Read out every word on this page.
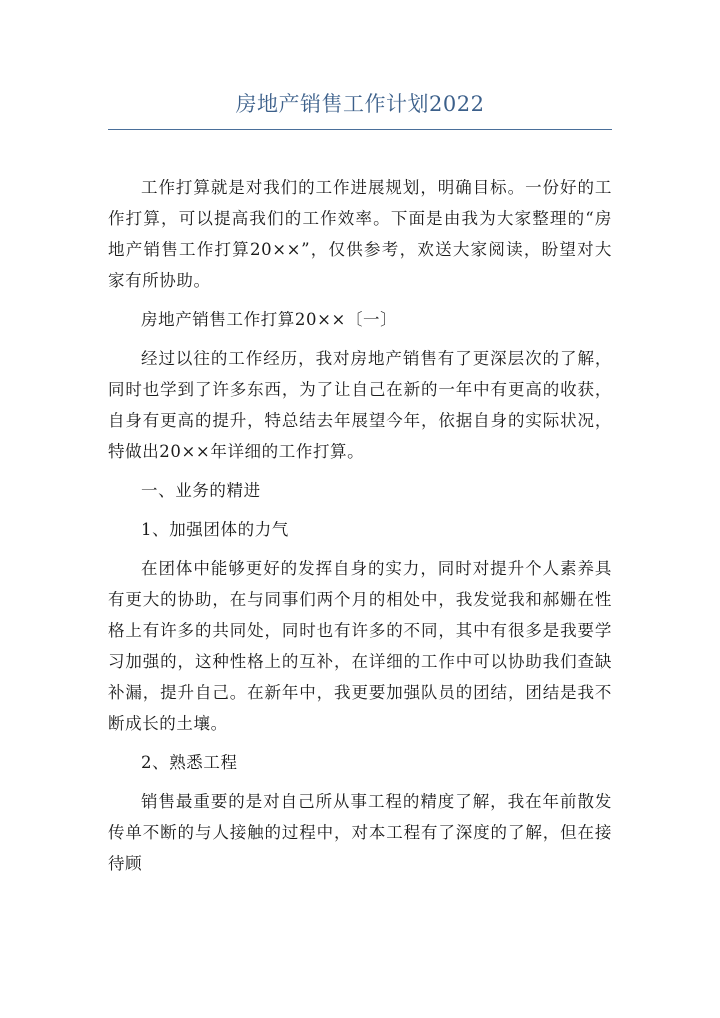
房地产销售工作计划2022

工作打算就是对我们的工作进展规划，明确目标。一份好的工作打算，可以提高我们的工作效率。下面是由我为大家整理的“房地产销售工作打算20××”，仅供参考，欢送大家阅读，盼望对大家有所协助。

房地产销售工作打算20××〔一〕

经过以往的工作经历，我对房地产销售有了更深层次的了解，同时也学到了许多东西，为了让自己在新的一年中有更高的收获，自身有更高的提升，特总结去年展望今年，依据自身的实际状况，特做出20××年详细的工作打算。

一、业务的精进

1、加强团体的力气

在团体中能够更好的发挥自身的实力，同时对提升个人素养具有更大的协助，在与同事们两个月的相处中，我发觉我和郝姗在性格上有许多的共同处，同时也有许多的不同，其中有很多是我要学习加强的，这种性格上的互补，在详细的工作中可以协助我们查缺补漏，提升自己。在新年中，我更要加强队员的团结，团结是我不断成长的土壤。

2、熟悉工程

销售最重要的是对自己所从事工程的精度了解，我在年前散发传单不断的与人接触的过程中，对本工程有了深度的了解，但在接待顾
